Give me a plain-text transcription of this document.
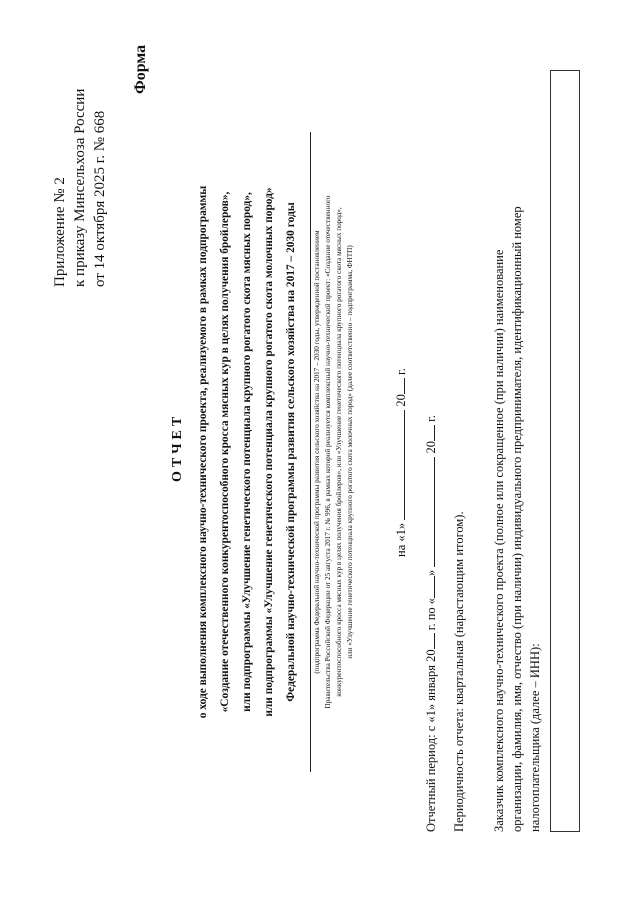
Приложение № 2 к приказу Минсельхоза России от 14 октября 2025 г. № 668
Форма
ОТЧЕТ	о ходе выполнения комплексного научно-технического проекта, реализуемого в рамках подпрограммы «Создание отечественного конкурентоспособного кросса мясных кур в целях получения бройлеров», или подпрограммы «Улучшение генетического потенциала крупного рогатого скота мясных пород», или подпрограммы «Улучшение генетического потенциала крупного рогатого скота молочных пород» Федеральной научно-технической программы развития сельского хозяйства на 2017 – 2030 годы	(подпрограмма Федеральной научно-технической программы развития сельского хозяйства на 2017 – 2030 годы, утвержденной постановлением Правительства Российской Федерации от 25 августа 2017 г. № 996, в рамках которой реализуется комплексный научно-технический проект: «Создание отечественного конкурентоспособного кросса мясных кур в целях получения бройлеров», или «Улучшение генетического потенциала крупного рогатого скота мясных пород», или «Улучшение генетического потенциала крупного рогатого скота молочных пород» (далее соответственно – подпрограмма, ФНТП)	на «1»  20 г.
Отчетный период: с «1» января 20 г. по «»  20 г.
Периодичность отчета: квартальная (нарастающим итогом). Заказчик комплексного научно-технического проекта (полное или сокращенное (при наличии) наименование организации, фамилия, имя, отчество (при наличии) индивидуального предпринимателя, идентификационный номер налогоплательщика (далее – ИНН):
